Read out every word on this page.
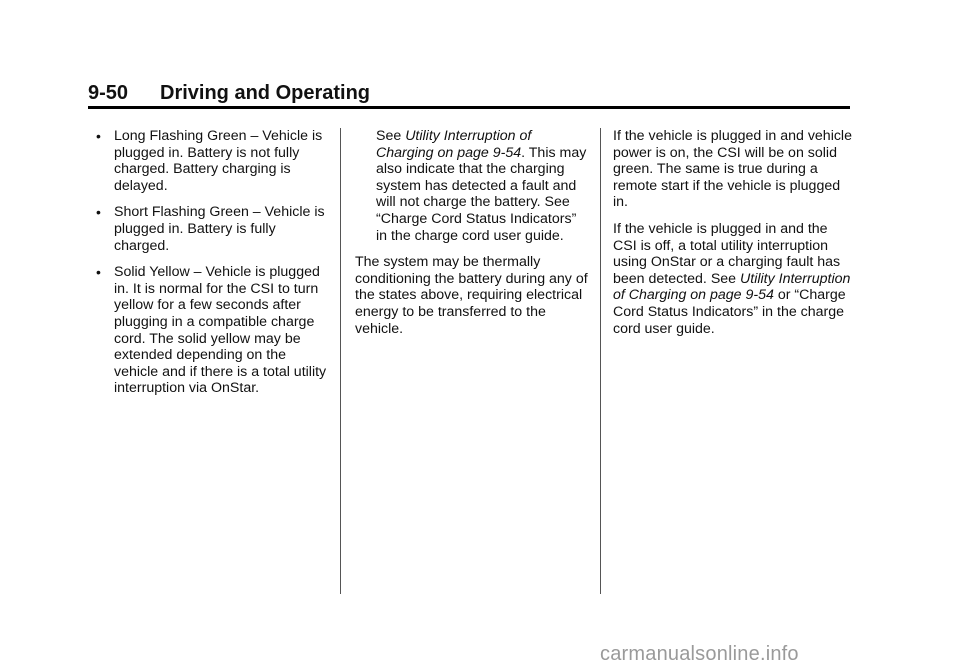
9-50 Driving and Operating
• Long Flashing Green – Vehicle is plugged in. Battery is not fully charged. Battery charging is delayed.
• Short Flashing Green – Vehicle is plugged in. Battery is fully charged.
• Solid Yellow – Vehicle is plugged in. It is normal for the CSI to turn yellow for a few seconds after plugging in a compatible charge cord. The solid yellow may be extended depending on the vehicle and if there is a total utility interruption via OnStar.

See Utility Interruption of Charging on page 9-54. This may also indicate that the charging system has detected a fault and will not charge the battery. See “Charge Cord Status Indicators” in the charge cord user guide.

The system may be thermally conditioning the battery during any of the states above, requiring electrical energy to be transferred to the vehicle.

If the vehicle is plugged in and vehicle power is on, the CSI will be on solid green. The same is true during a remote start if the vehicle is plugged in.

If the vehicle is plugged in and the CSI is off, a total utility interruption using OnStar or a charging fault has been detected. See Utility Interruption of Charging on page 9-54 or “Charge Cord Status Indicators” in the charge cord user guide.

carmanualsonline.info
